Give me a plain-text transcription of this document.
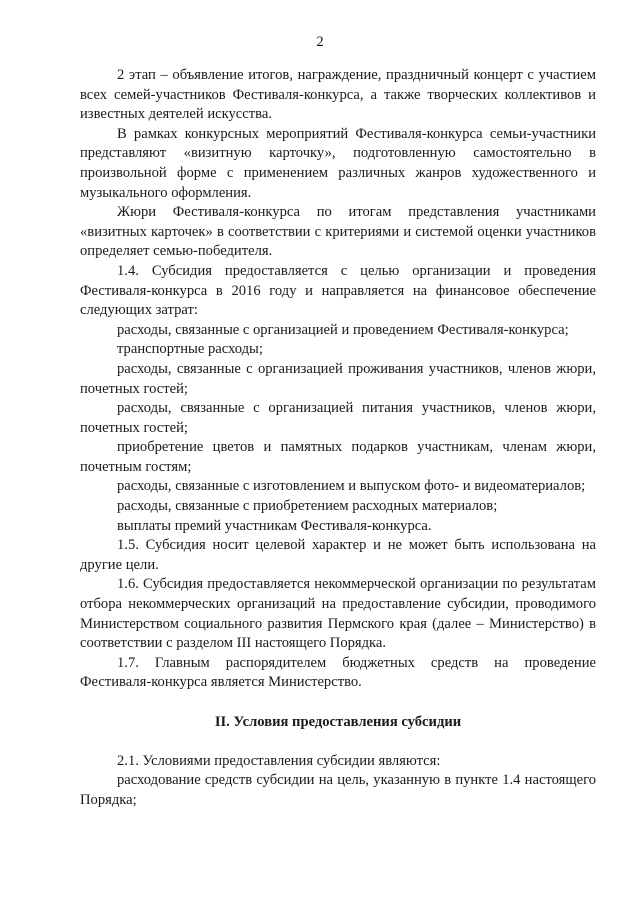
2

2 этап – объявление итогов, награждение, праздничный концерт с участием всех семей-участников Фестиваля-конкурса, а также творческих коллективов и известных деятелей искусства.

В рамках конкурсных мероприятий Фестиваля-конкурса семьи-участники представляют «визитную карточку», подготовленную самостоятельно в произвольной форме с применением различных жанров художественного и музыкального оформления.

Жюри Фестиваля-конкурса по итогам представления участниками «визитных карточек» в соответствии с критериями и системой оценки участников определяет семью-победителя.

1.4. Субсидия предоставляется с целью организации и проведения Фестиваля-конкурса в 2016 году и направляется на финансовое обеспечение следующих затрат:

расходы, связанные с организацией и проведением Фестиваля-конкурса;

транспортные расходы;

расходы, связанные с организацией проживания участников, членов жюри, почетных гостей;

расходы, связанные с организацией питания участников, членов жюри, почетных гостей;

приобретение цветов и памятных подарков участникам, членам жюри, почетным гостям;

расходы, связанные с изготовлением и выпуском фото- и видеоматериалов;

расходы, связанные с приобретением расходных материалов;

выплаты премий участникам Фестиваля-конкурса.

1.5. Субсидия носит целевой характер и не может быть использована на другие цели.

1.6. Субсидия предоставляется некоммерческой организации по результатам отбора некоммерческих организаций на предоставление субсидии, проводимого Министерством социального развития Пермского края (далее – Министерство) в соответствии с разделом III настоящего Порядка.

1.7. Главным распорядителем бюджетных средств на проведение Фестиваля-конкурса является Министерство.

II. Условия предоставления субсидии

2.1. Условиями предоставления субсидии являются:

расходование средств субсидии на цель, указанную в пункте 1.4 настоящего Порядка;
